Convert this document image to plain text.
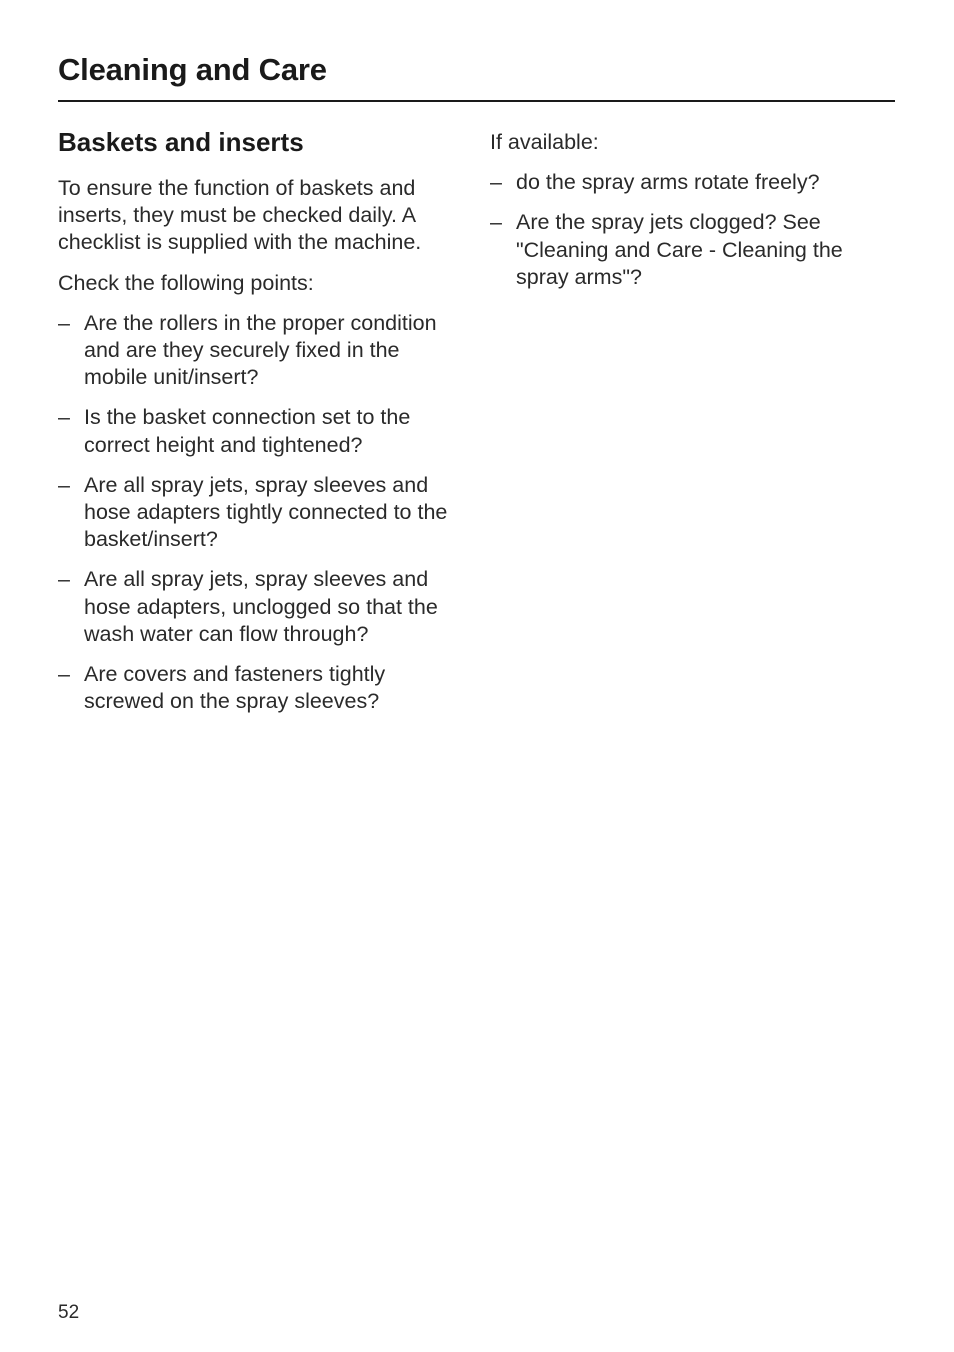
Cleaning and Care
Baskets and inserts

To ensure the function of baskets and inserts, they must be checked daily. A checklist is supplied with the machine.

Check the following points:

– Are the rollers in the proper condition and are they securely fixed in the mobile unit/insert?
– Is the basket connection set to the correct height and tightened?
– Are all spray jets, spray sleeves and hose adapters tightly connected to the basket/insert?
– Are all spray jets, spray sleeves and hose adapters, unclogged so that the wash water can flow through?
– Are covers and fasteners tightly screwed on the spray sleeves?

If available:

– do the spray arms rotate freely?
– Are the spray jets clogged? See "Cleaning and Care - Cleaning the spray arms"?
52
